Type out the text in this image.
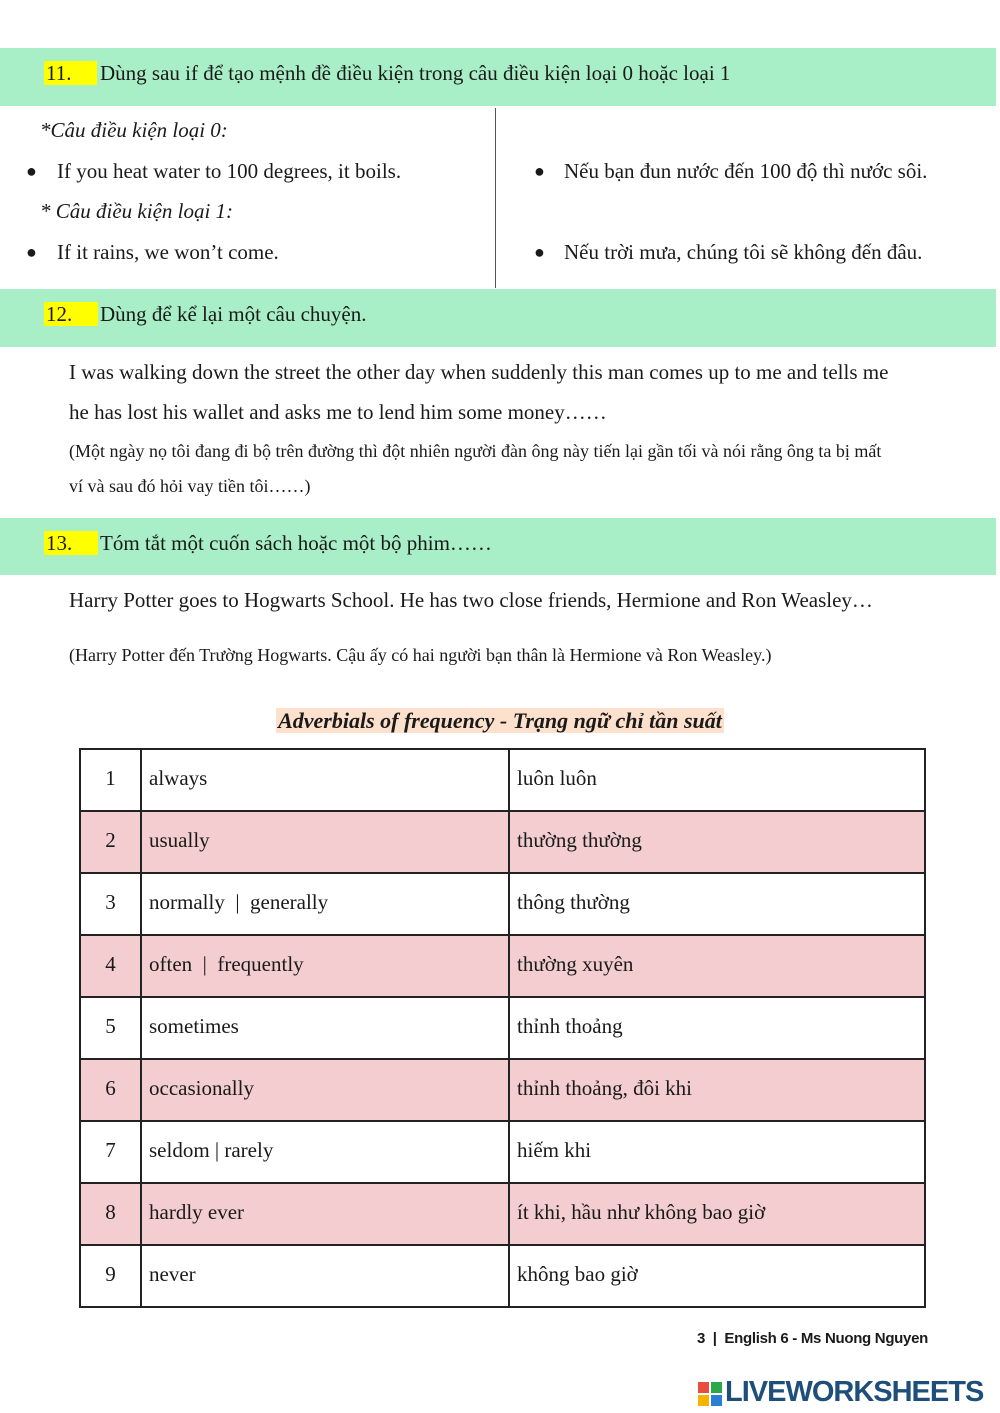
11.	Dùng sau if để tạo mệnh đề điều kiện trong câu điều kiện loại 0 hoặc loại 1
*Câu điều kiện loại 0:
● If you heat water to 100 degrees, it boils.	● Nếu bạn đun nước đến 100 độ thì nước sôi.
* Câu điều kiện loại 1:
● If it rains, we won’t come.	● Nếu trời mưa, chúng tôi sẽ không đến đâu.
12.	Dùng để kể lại một câu chuyện.
I was walking down the street the other day when suddenly this man comes up to me and tells me
he has lost his wallet and asks me to lend him some money……
(Một ngày nọ tôi đang đi bộ trên đường thì đột nhiên người đàn ông này tiến lại gần tối và nói rằng ông ta bị mất
ví và sau đó hỏi vay tiền tôi……)
13.	Tóm tắt một cuốn sách hoặc một bộ phim……
Harry Potter goes to Hogwarts School. He has two close friends, Hermione and Ron Weasley…
(Harry Potter đến Trường Hogwarts. Cậu ấy có hai người bạn thân là Hermione và Ron Weasley.)
Adverbials of frequency - Trạng ngữ chỉ tần suất
1	always	luôn luôn
2	usually	thường thường
3	normally  |  generally	thông thường
4	often  |  frequently	thường xuyên
5	sometimes	thỉnh thoảng
6	occasionally	thỉnh thoảng, đôi khi
7	seldom | rarely	hiếm khi
8	hardly ever	ít khi, hầu như không bao giờ
9	never	không bao giờ
3  |  English 6 - Ms Nuong Nguyen
LIVEWORKSHEETS
